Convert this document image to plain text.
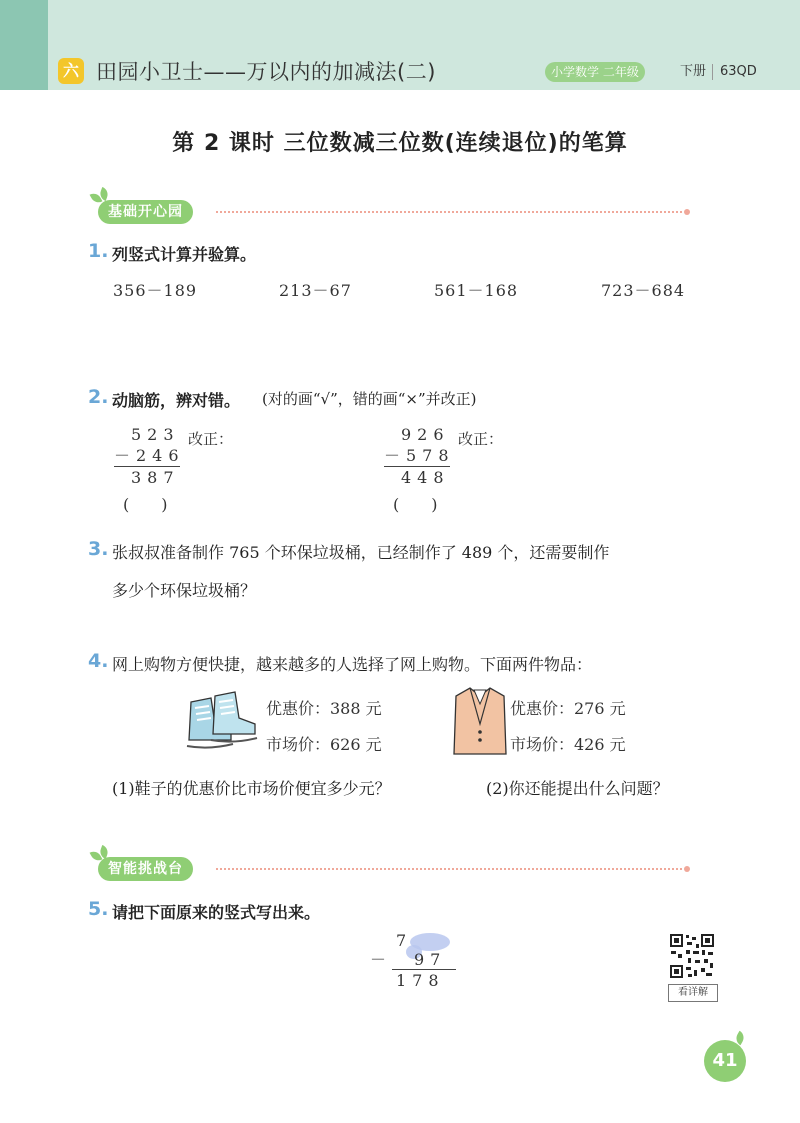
六 田园小卫士——万以内的加减法(二)	小学数学 二年级	下册 63QD
第 2 课时 三位数减三位数(连续退位)的笔算
基础开心园
1. 列竖式计算并验算。
356－189	213－67	561－168	723－684
2. 动脑筋，辨对错。 (对的画“√”，错的画“×”并改正)
523
－246
387
改正：
(　　)
926
－578
448
改正：
(　　)
3. 张叔叔准备制作 765 个环保垃圾桶，已经制作了 489 个，还需要制作
多少个环保垃圾桶？
4. 网上购物方便快捷，越来越多的人选择了网上购物。下面两件物品：
优惠价：388 元
市场价：626 元
优惠价：276 元
市场价：426 元
(1)鞋子的优惠价比市场价便宜多少元？	(2)你还能提出什么问题？
智能挑战台
5. 请把下面原来的竖式写出来。
7
－ 97
178
看详解
41
